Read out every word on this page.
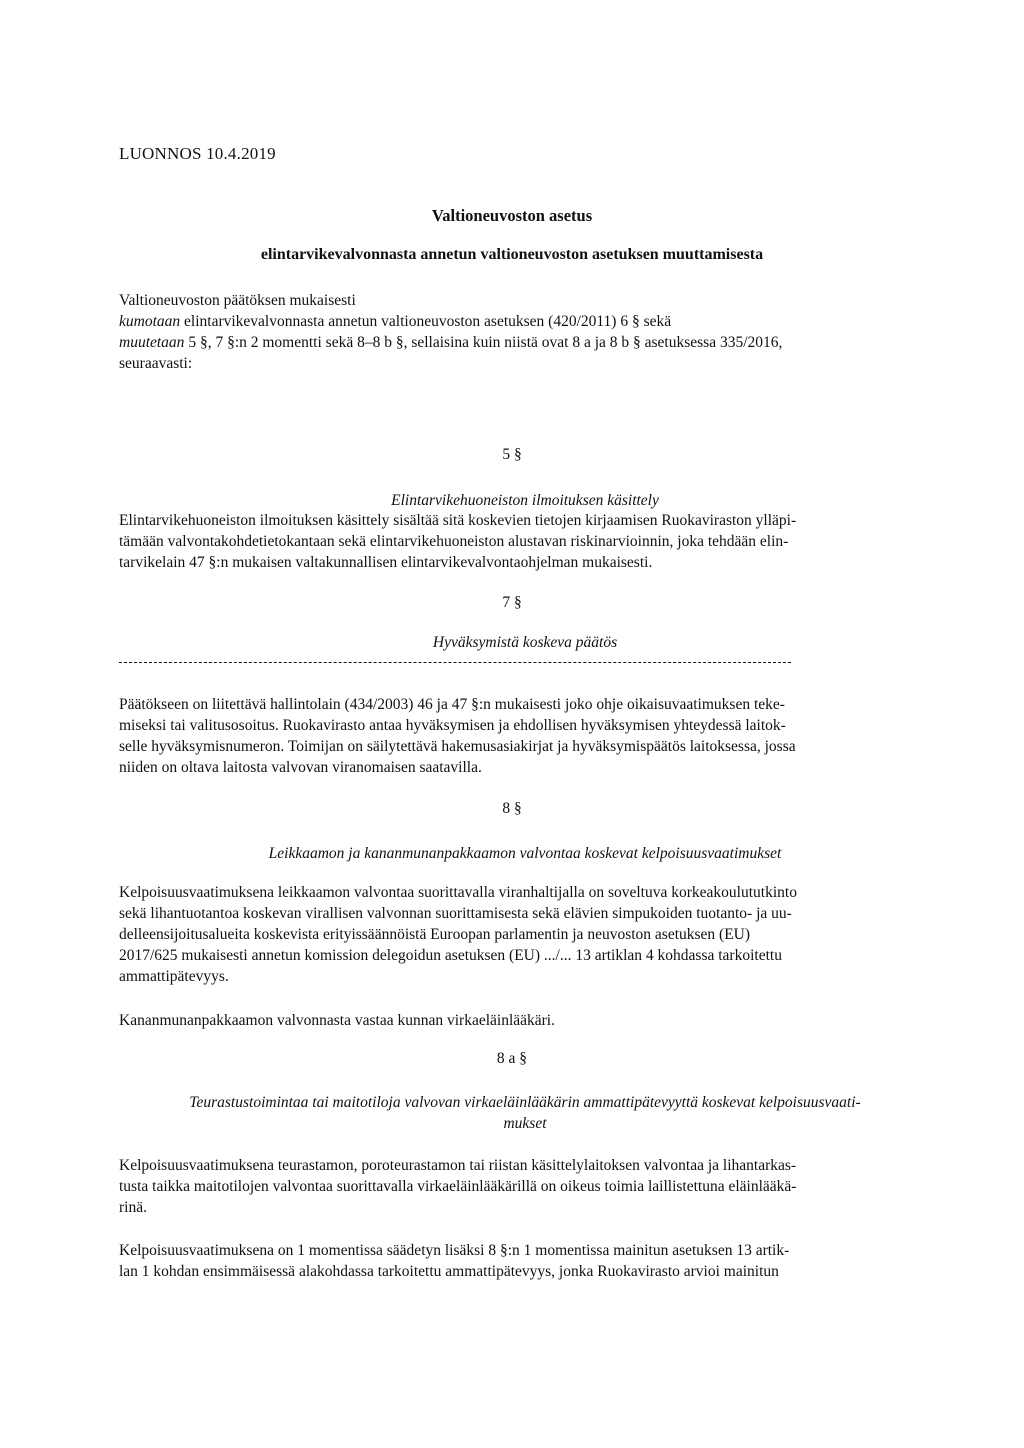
LUONNOS 10.4.2019
Valtioneuvoston asetus
elintarvikevalvonnasta annetun valtioneuvoston asetuksen muuttamisesta
Valtioneuvoston päätöksen mukaisesti
kumotaan elintarvikevalvonnasta annetun valtioneuvoston asetuksen (420/2011) 6 § sekä
muutetaan 5 §, 7 §:n 2 momentti sekä 8–8 b §, sellaisina kuin niistä ovat 8 a ja 8 b § asetuksessa 335/2016,
seuraavasti:
5 §
Elintarvikehuoneiston ilmoituksen käsittely
Elintarvikehuoneiston ilmoituksen käsittely sisältää sitä koskevien tietojen kirjaamisen Ruokaviraston ylläpi-
tämään valvontakohdetietokantaan sekä elintarvikehuoneiston alustavan riskinarvioinnin, joka tehdään elin-
tarvikelain 47 §:n mukaisen valtakunnallisen elintarvikevalvontaohjelman mukaisesti.
7 §
Hyväksymistä koskeva päätös
Päätökseen on liitettävä hallintolain (434/2003) 46 ja 47 §:n mukaisesti joko ohje oikaisuvaatimuksen teke-
miseksi tai valitusosoitus. Ruokavirasto antaa hyväksymisen ja ehdollisen hyväksymisen yhteydessä laitok-
selle hyväksymisnumeron. Toimijan on säilytettävä hakemusasiakirjat ja hyväksymispäätös laitoksessa, jossa
niiden on oltava laitosta valvovan viranomaisen saatavilla.
8 §
Leikkaamon ja kananmunanpakkaamon valvontaa koskevat kelpoisuusvaatimukset
Kelpoisuusvaatimuksena leikkaamon valvontaa suorittavalla viranhaltijalla on soveltuva korkeakoulututkinto
sekä lihantuotantoa koskevan virallisen valvonnan suorittamisesta sekä elävien simpukoiden tuotanto- ja uu-
delleensijoitusalueita koskevista erityissäännöistä Euroopan parlamentin ja neuvoston asetuksen (EU)
2017/625 mukaisesti annetun komission delegoidun asetuksen (EU) .../... 13 artiklan 4 kohdassa tarkoitettu
ammattipätevyys.
Kananmunanpakkaamon valvonnasta vastaa kunnan virkaeläinlääkäri.
8 a §
Teurastustoimintaa tai maitotiloja valvovan virkaeläinlääkärin ammattipätevyyttä koskevat kelpoisuusvaati-
mukset
Kelpoisuusvaatimuksena teurastamon, poroteurastamon tai riistan käsittelylaitoksen valvontaa ja lihantarkas-
tusta taikka maitotilojen valvontaa suorittavalla virkaeläinlääkärillä on oikeus toimia laillistettuna eläinlääkä-
rinä.
Kelpoisuusvaatimuksena on 1 momentissa säädetyn lisäksi 8 §:n 1 momentissa mainitun asetuksen 13 artik-
lan 1 kohdan ensimmäisessä alakohdassa tarkoitettu ammattipätevyys, jonka Ruokavirasto arvioi mainitun
